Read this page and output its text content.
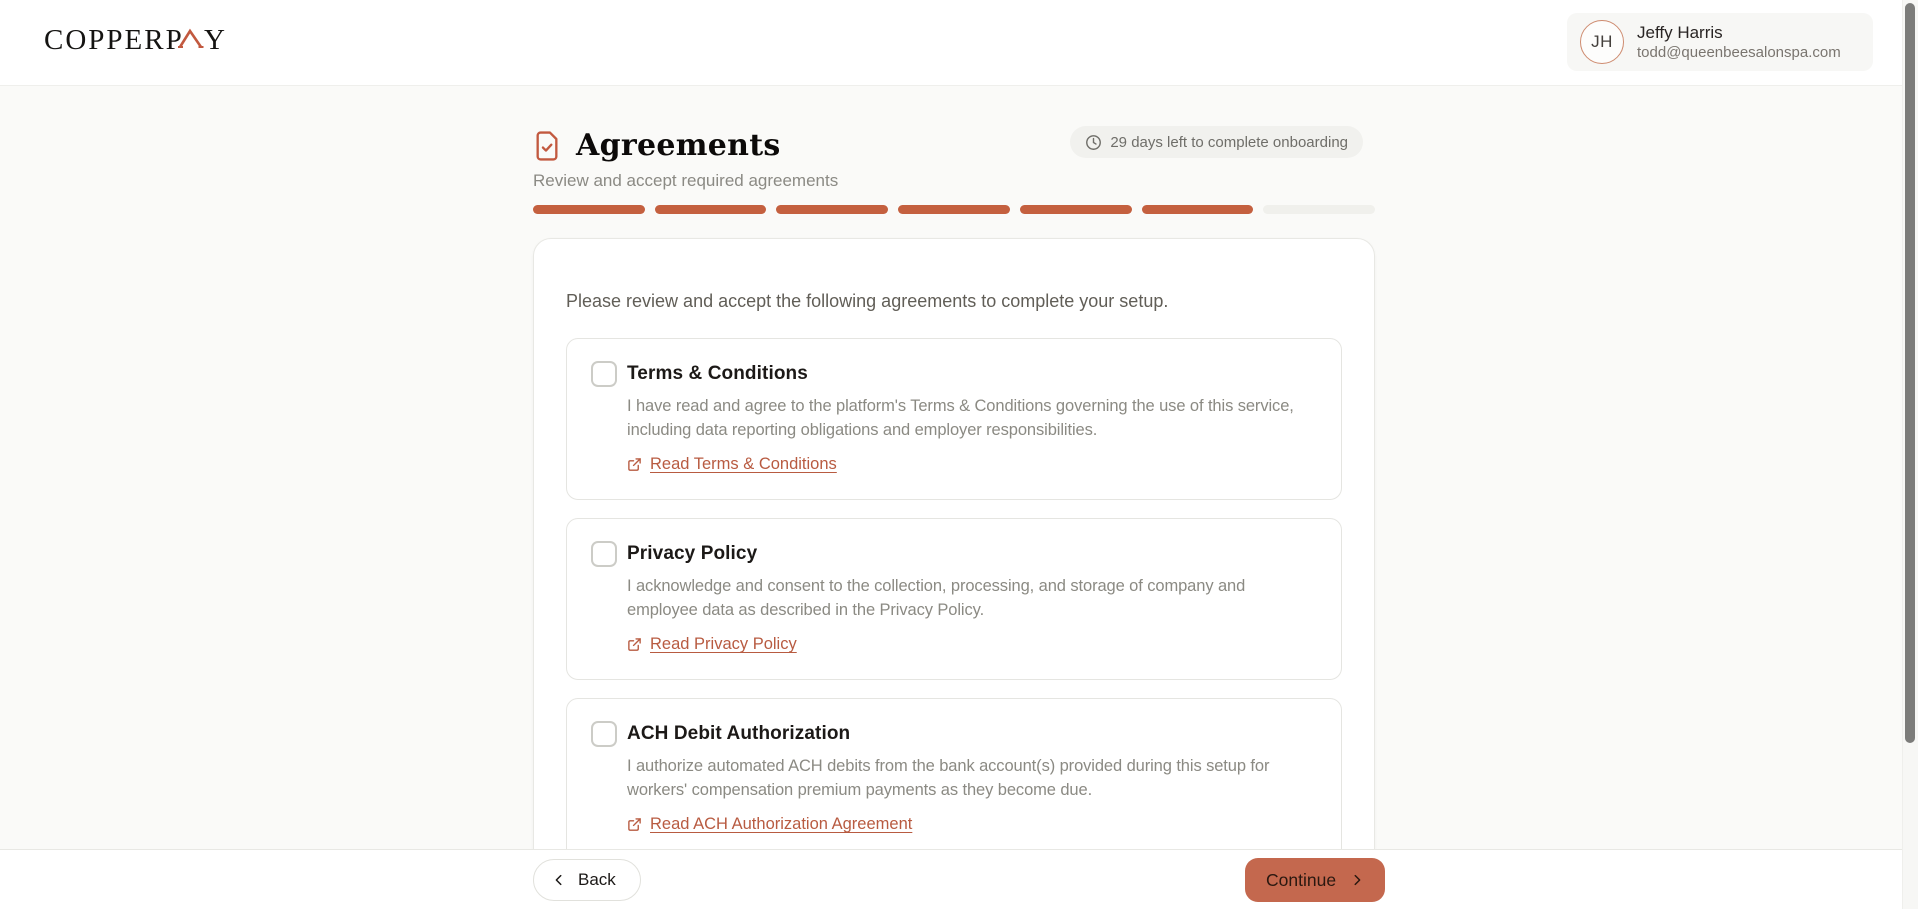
COPPERP Y	JH Jeffy Harris
todd@queenbeesalonspa.com
Agreements
Review and accept required agreements
29 days left to complete onboarding
Please review and accept the following agreements to complete your setup.
Terms & Conditions
I have read and agree to the platform's Terms & Conditions governing the use of this service, including data reporting obligations and employer responsibilities.
Read Terms & Conditions
Privacy Policy
I acknowledge and consent to the collection, processing, and storage of company and employee data as described in the Privacy Policy.
Read Privacy Policy
ACH Debit Authorization
I authorize automated ACH debits from the bank account(s) provided during this setup for workers' compensation premium payments as they become due.
Read ACH Authorization Agreement
Back	Continue
